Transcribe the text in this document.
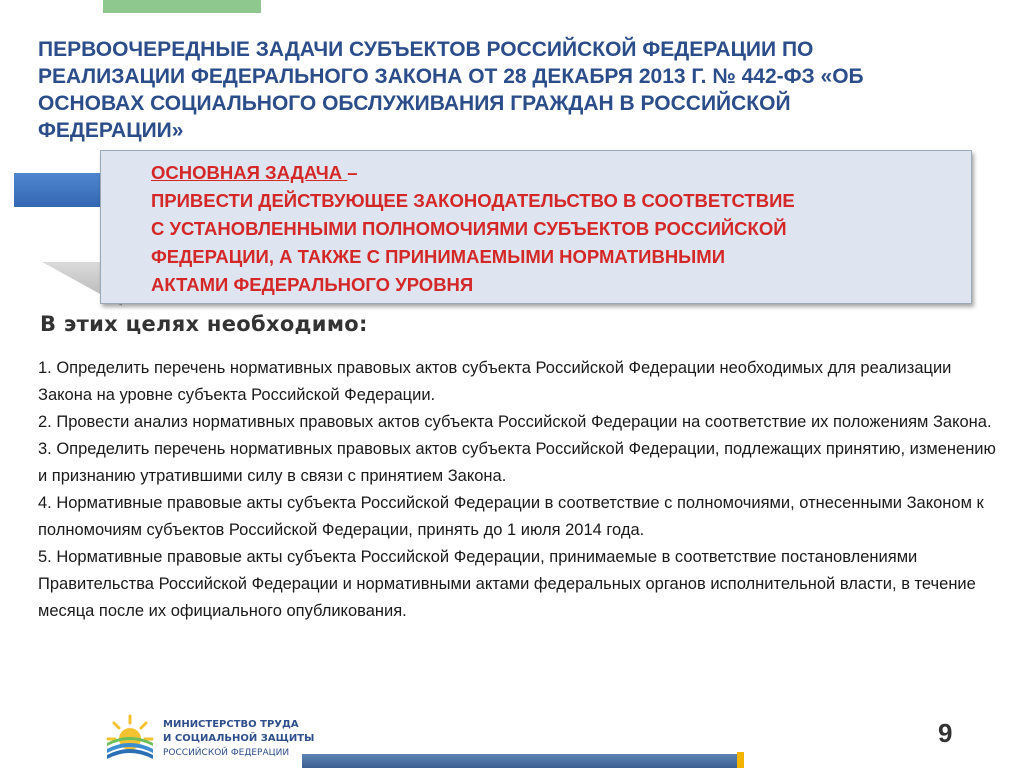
ПЕРВООЧЕРЕДНЫЕ ЗАДАЧИ СУБЪЕКТОВ РОССИЙСКОЙ ФЕДЕРАЦИИ ПО РЕАЛИЗАЦИИ ФЕДЕРАЛЬНОГО ЗАКОНА ОТ 28 ДЕКАБРЯ 2013 Г. № 442-ФЗ «ОБ ОСНОВАХ СОЦИАЛЬНОГО ОБСЛУЖИВАНИЯ ГРАЖДАН В РОССИЙСКОЙ ФЕДЕРАЦИИ»
ОСНОВНАЯ ЗАДАЧА –
ПРИВЕСТИ ДЕЙСТВУЮЩЕЕ ЗАКОНОДАТЕЛЬСТВО В СООТВЕТСТВИЕ
С УСТАНОВЛЕННЫМИ ПОЛНОМОЧИЯМИ СУБЪЕКТОВ РОССИЙСКОЙ
ФЕДЕРАЦИИ, А ТАКЖЕ С ПРИНИМАЕМЫМИ НОРМАТИВНЫМИ
АКТАМИ ФЕДЕРАЛЬНОГО УРОВНЯ
В этих целях необходимо:

1. Определить перечень нормативных правовых актов субъекта Российской Федерации необходимых для реализации Закона на уровне субъекта Российской Федерации.

2. Провести анализ нормативных правовых актов субъекта Российской Федерации на соответствие их положениям Закона.

3. Определить перечень нормативных правовых актов субъекта Российской Федерации, подлежащих принятию, изменению и признанию утратившими силу в связи с принятием Закона.

4. Нормативные правовые акты субъекта Российской Федерации в соответствие с полномочиями, отнесенными Законом к полномочиям субъектов Российской Федерации, принять до 1 июля 2014 года.

5. Нормативные правовые акты субъекта Российской Федерации, принимаемые в соответствие постановлениями Правительства Российской Федерации и нормативными актами федеральных органов исполнительной власти, в течение месяца после их официального опубликования.

МИНИСТЕРСТВО ТРУДА
И СОЦИАЛЬНОЙ ЗАЩИТЫ
РОССИЙСКОЙ ФЕДЕРАЦИИ
9
